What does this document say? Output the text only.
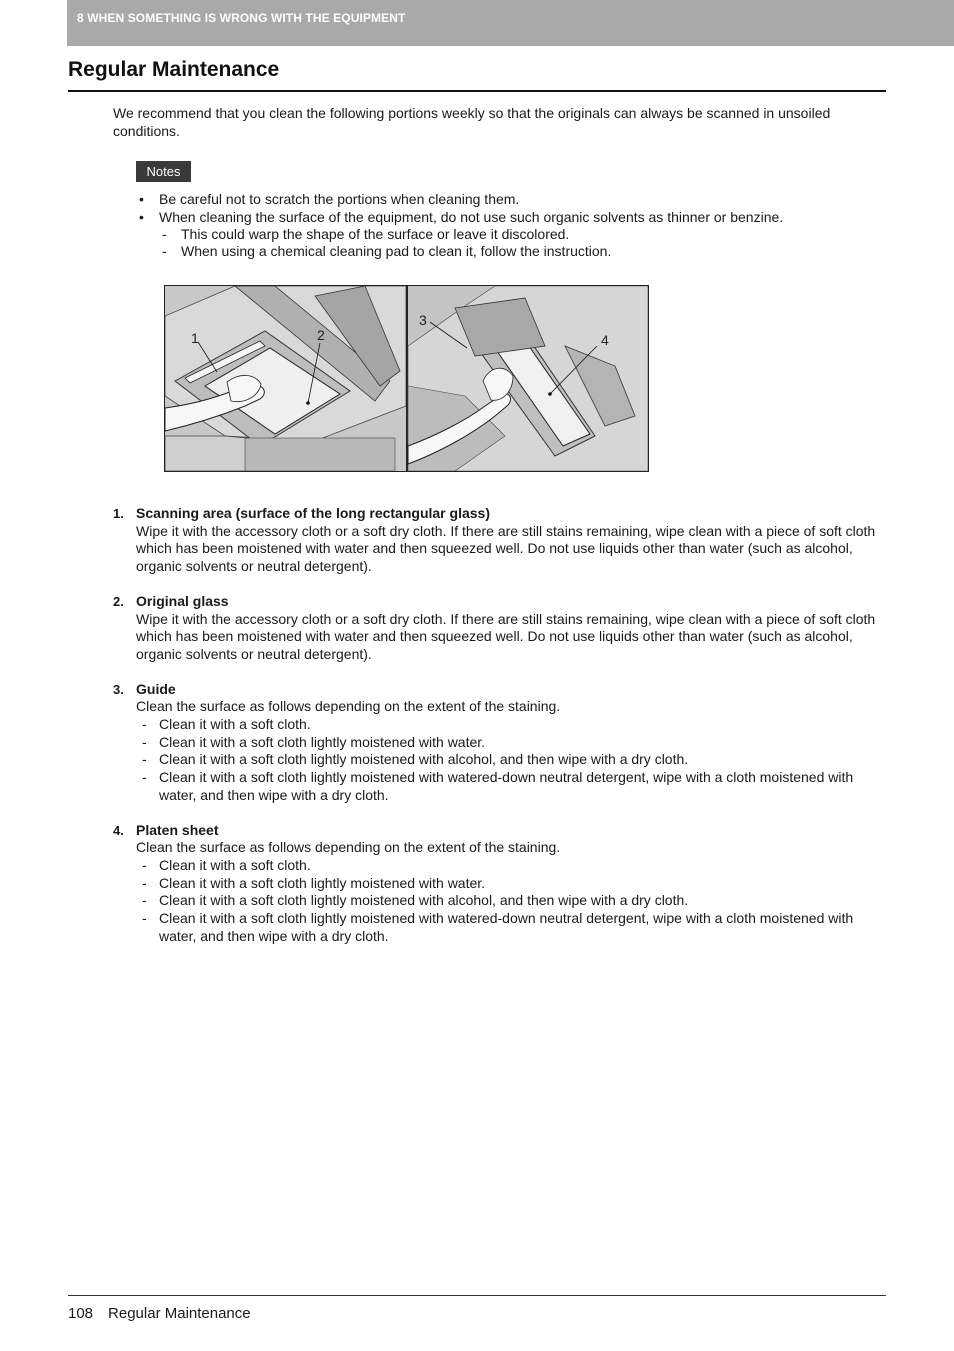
8 WHEN SOMETHING IS WRONG WITH THE EQUIPMENT
Regular Maintenance

We recommend that you clean the following portions weekly so that the originals can always be scanned in unsoiled conditions.

Notes
• Be careful not to scratch the portions when cleaning them.
• When cleaning the surface of the equipment, do not use such organic solvents as thinner or benzine.
- This could warp the shape of the surface or leave it discolored.
- When using a chemical cleaning pad to clean it, follow the instruction.
1	2
3
4
1. Scanning area (surface of the long rectangular glass)
Wipe it with the accessory cloth or a soft dry cloth. If there are still stains remaining, wipe clean with a piece of soft cloth which has been moistened with water and then squeezed well. Do not use liquids other than water (such as alcohol, organic solvents or neutral detergent).
2. Original glass
Wipe it with the accessory cloth or a soft dry cloth. If there are still stains remaining, wipe clean with a piece of soft cloth which has been moistened with water and then squeezed well. Do not use liquids other than water (such as alcohol, organic solvents or neutral detergent).
3. Guide
Clean the surface as follows depending on the extent of the staining.
- Clean it with a soft cloth.
- Clean it with a soft cloth lightly moistened with water.
- Clean it with a soft cloth lightly moistened with alcohol, and then wipe with a dry cloth.
- Clean it with a soft cloth lightly moistened with watered-down neutral detergent, wipe with a cloth moistened with water, and then wipe with a dry cloth.
4. Platen sheet
Clean the surface as follows depending on the extent of the staining.
- Clean it with a soft cloth.
- Clean it with a soft cloth lightly moistened with water.
- Clean it with a soft cloth lightly moistened with alcohol, and then wipe with a dry cloth.
- Clean it with a soft cloth lightly moistened with watered-down neutral detergent, wipe with a cloth moistened with water, and then wipe with a dry cloth.
108 Regular Maintenance
